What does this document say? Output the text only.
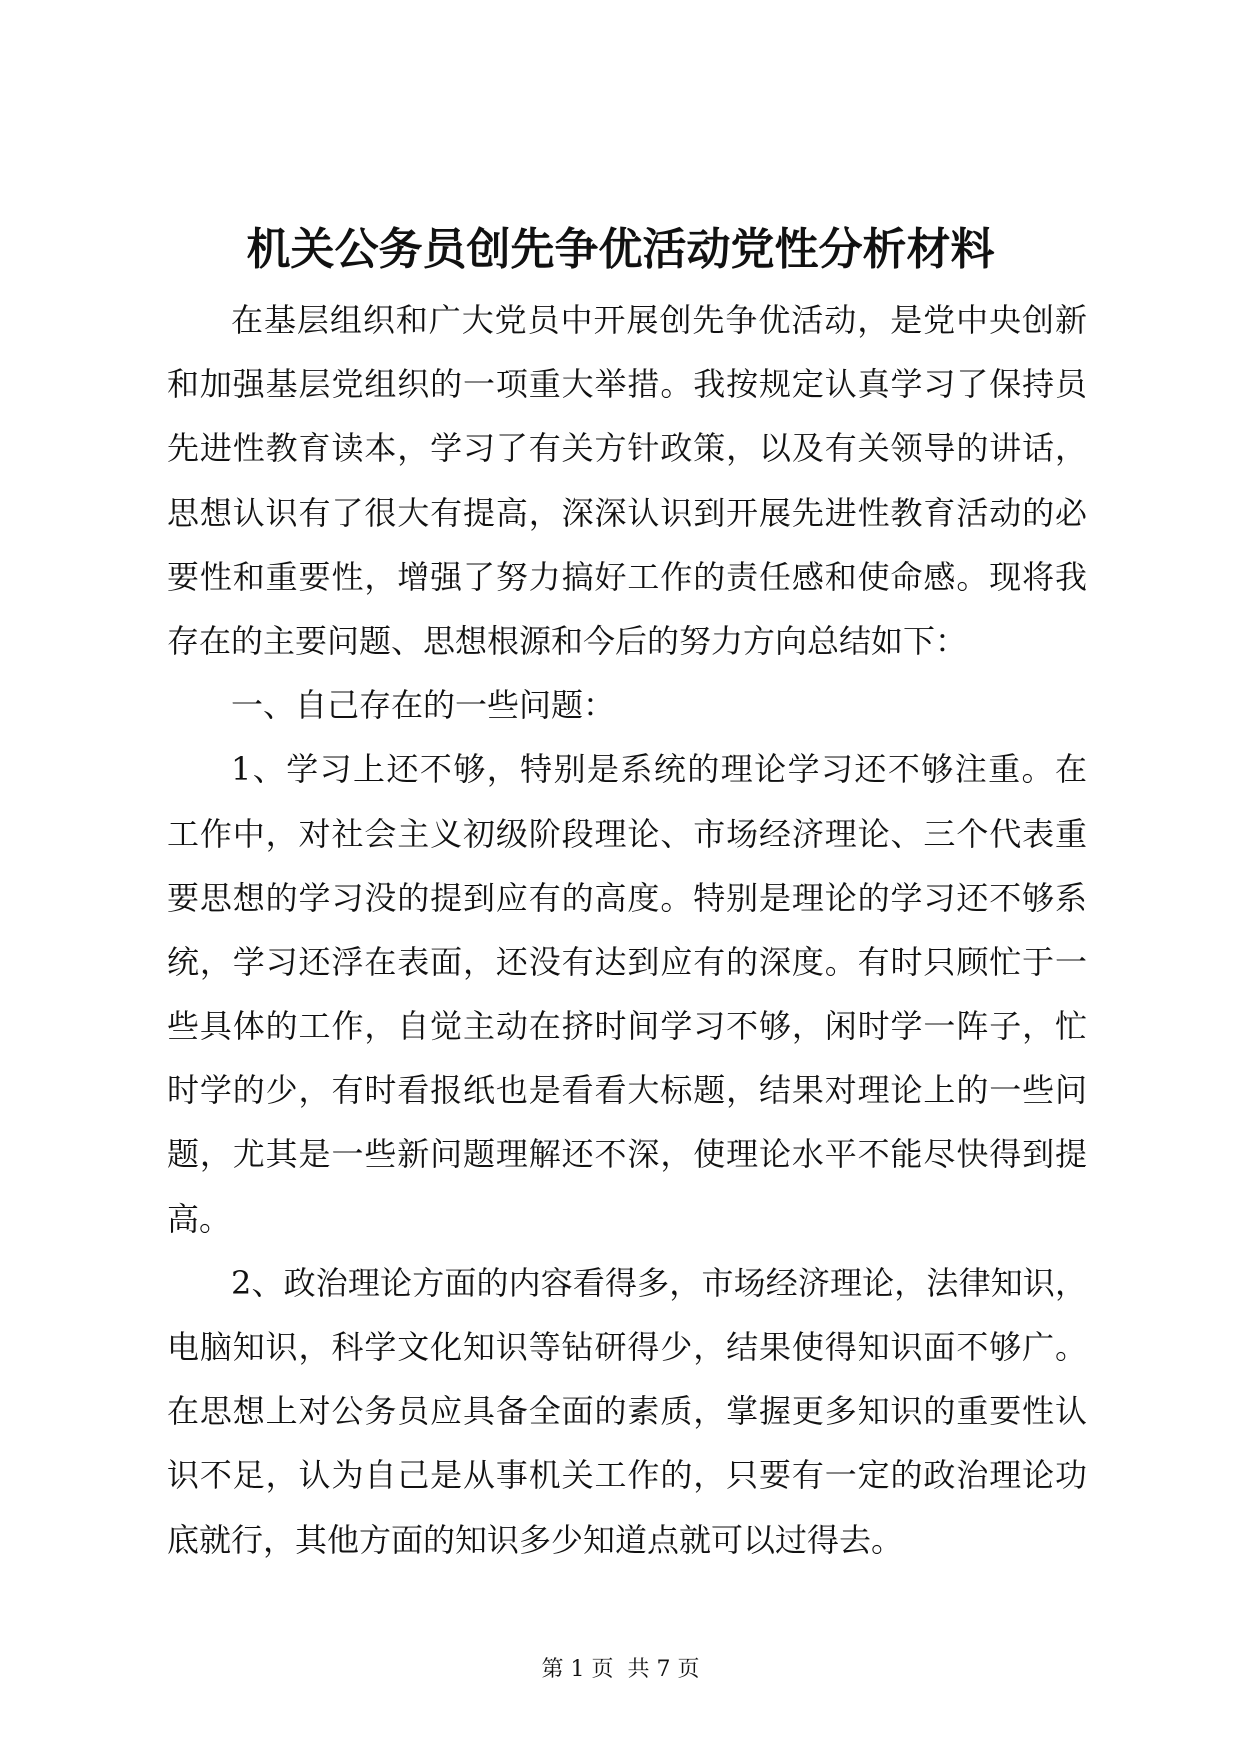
机关公务员创先争优活动党性分析材料
在基层组织和广大党员中开展创先争优活动，是党中央创新
和加强基层党组织的一项重大举措。我按规定认真学习了保持员
先进性教育读本，学习了有关方针政策，以及有关领导的讲话，
思想认识有了很大有提高，深深认识到开展先进性教育活动的必
要性和重要性，增强了努力搞好工作的责任感和使命感。现将我
存在的主要问题、思想根源和今后的努力方向总结如下：
一、自己存在的一些问题：
1、学习上还不够，特别是系统的理论学习还不够注重。在
工作中，对社会主义初级阶段理论、市场经济理论、三个代表重
要思想的学习没的提到应有的高度。特别是理论的学习还不够系
统，学习还浮在表面，还没有达到应有的深度。有时只顾忙于一
些具体的工作，自觉主动在挤时间学习不够，闲时学一阵子，忙
时学的少，有时看报纸也是看看大标题，结果对理论上的一些问
题，尤其是一些新问题理解还不深，使理论水平不能尽快得到提
高。
2、政治理论方面的内容看得多，市场经济理论，法律知识，
电脑知识，科学文化知识等钻研得少，结果使得知识面不够广。
在思想上对公务员应具备全面的素质，掌握更多知识的重要性认
识不足，认为自己是从事机关工作的，只要有一定的政治理论功
底就行，其他方面的知识多少知道点就可以过得去。
第 1 页  共 7 页
